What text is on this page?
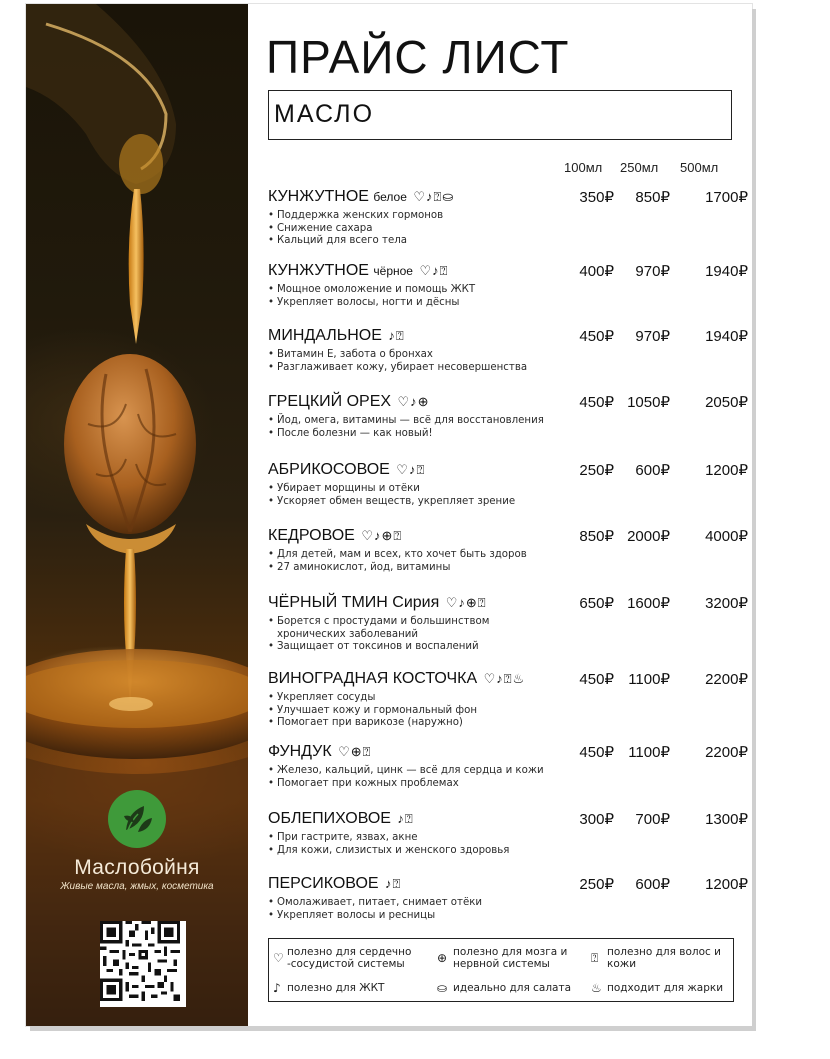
Маслобойня
Живые масла, жмых, косметика
ПРАЙС ЛИСТ
МАСЛО
100мл 250мл 500мл
КУНЖУТНОЕ белое ♡♪⍰⛀	350₽	850₽	1700₽
• Поддержка женских гормонов
• Снижение сахара
• Кальций для всего тела
КУНЖУТНОЕ чёрное ♡♪⍰	400₽	970₽	1940₽
• Мощное омоложение и помощь ЖКТ
• Укрепляет волосы, ногти и дёсны
МИНДАЛЬНОЕ ♪⍰	450₽	970₽	1940₽
• Витамин Е, забота о бронхах
• Разглаживает кожу, убирает несовершенства
ГРЕЦКИЙ ОРЕХ ♡♪⊕	450₽ 1050₽	2050₽
• Йод, омега, витамины — всё для восстановления
• После болезни — как новый!
АБРИКОСОВОЕ ♡♪⍰	250₽	600₽	1200₽
• Убирает морщины и отёки
• Ускоряет обмен веществ, укрепляет зрение
КЕДРОВОЕ ♡♪⊕⍰	850₽ 2000₽	4000₽
• Для детей, мам и всех, кто хочет быть здоров
• 27 аминокислот, йод, витамины
ЧЁРНЫЙ ТМИН Сирия ♡♪⊕⍰	650₽ 1600₽	3200₽
• Борется с простудами и большинством хронических заболеваний
• Защищает от токсинов и воспалений
ВИНОГРАДНАЯ КОСТОЧКА ♡♪⍰♨	450₽ 1100₽	2200₽
• Укрепляет сосуды
• Улучшает кожу и гормональный фон
• Помогает при варикозе (наружно)
ФУНДУК ♡⊕⍰	450₽ 1100₽	2200₽
• Железо, кальций, цинк — всё для сердца и кожи
• Помогает при кожных проблемах
ОБЛЕПИХОВОЕ ♪⍰	300₽	700₽	1300₽
• При гастрите, язвах, акне
• Для кожи, слизистых и женского здоровья
ПЕРСИКОВОЕ ♪⍰	250₽	600₽	1200₽
• Омолаживает, питает, снимает отёки
• Укрепляет волосы и ресницы
♡ полезно для сердечно -сосудистой системы	⊕ полезно для мозга и нервной системы	⍰ полезно для волос и кожи
♪ полезно для ЖКТ	⛀ идеально для салата ♨ подходит для жарки
